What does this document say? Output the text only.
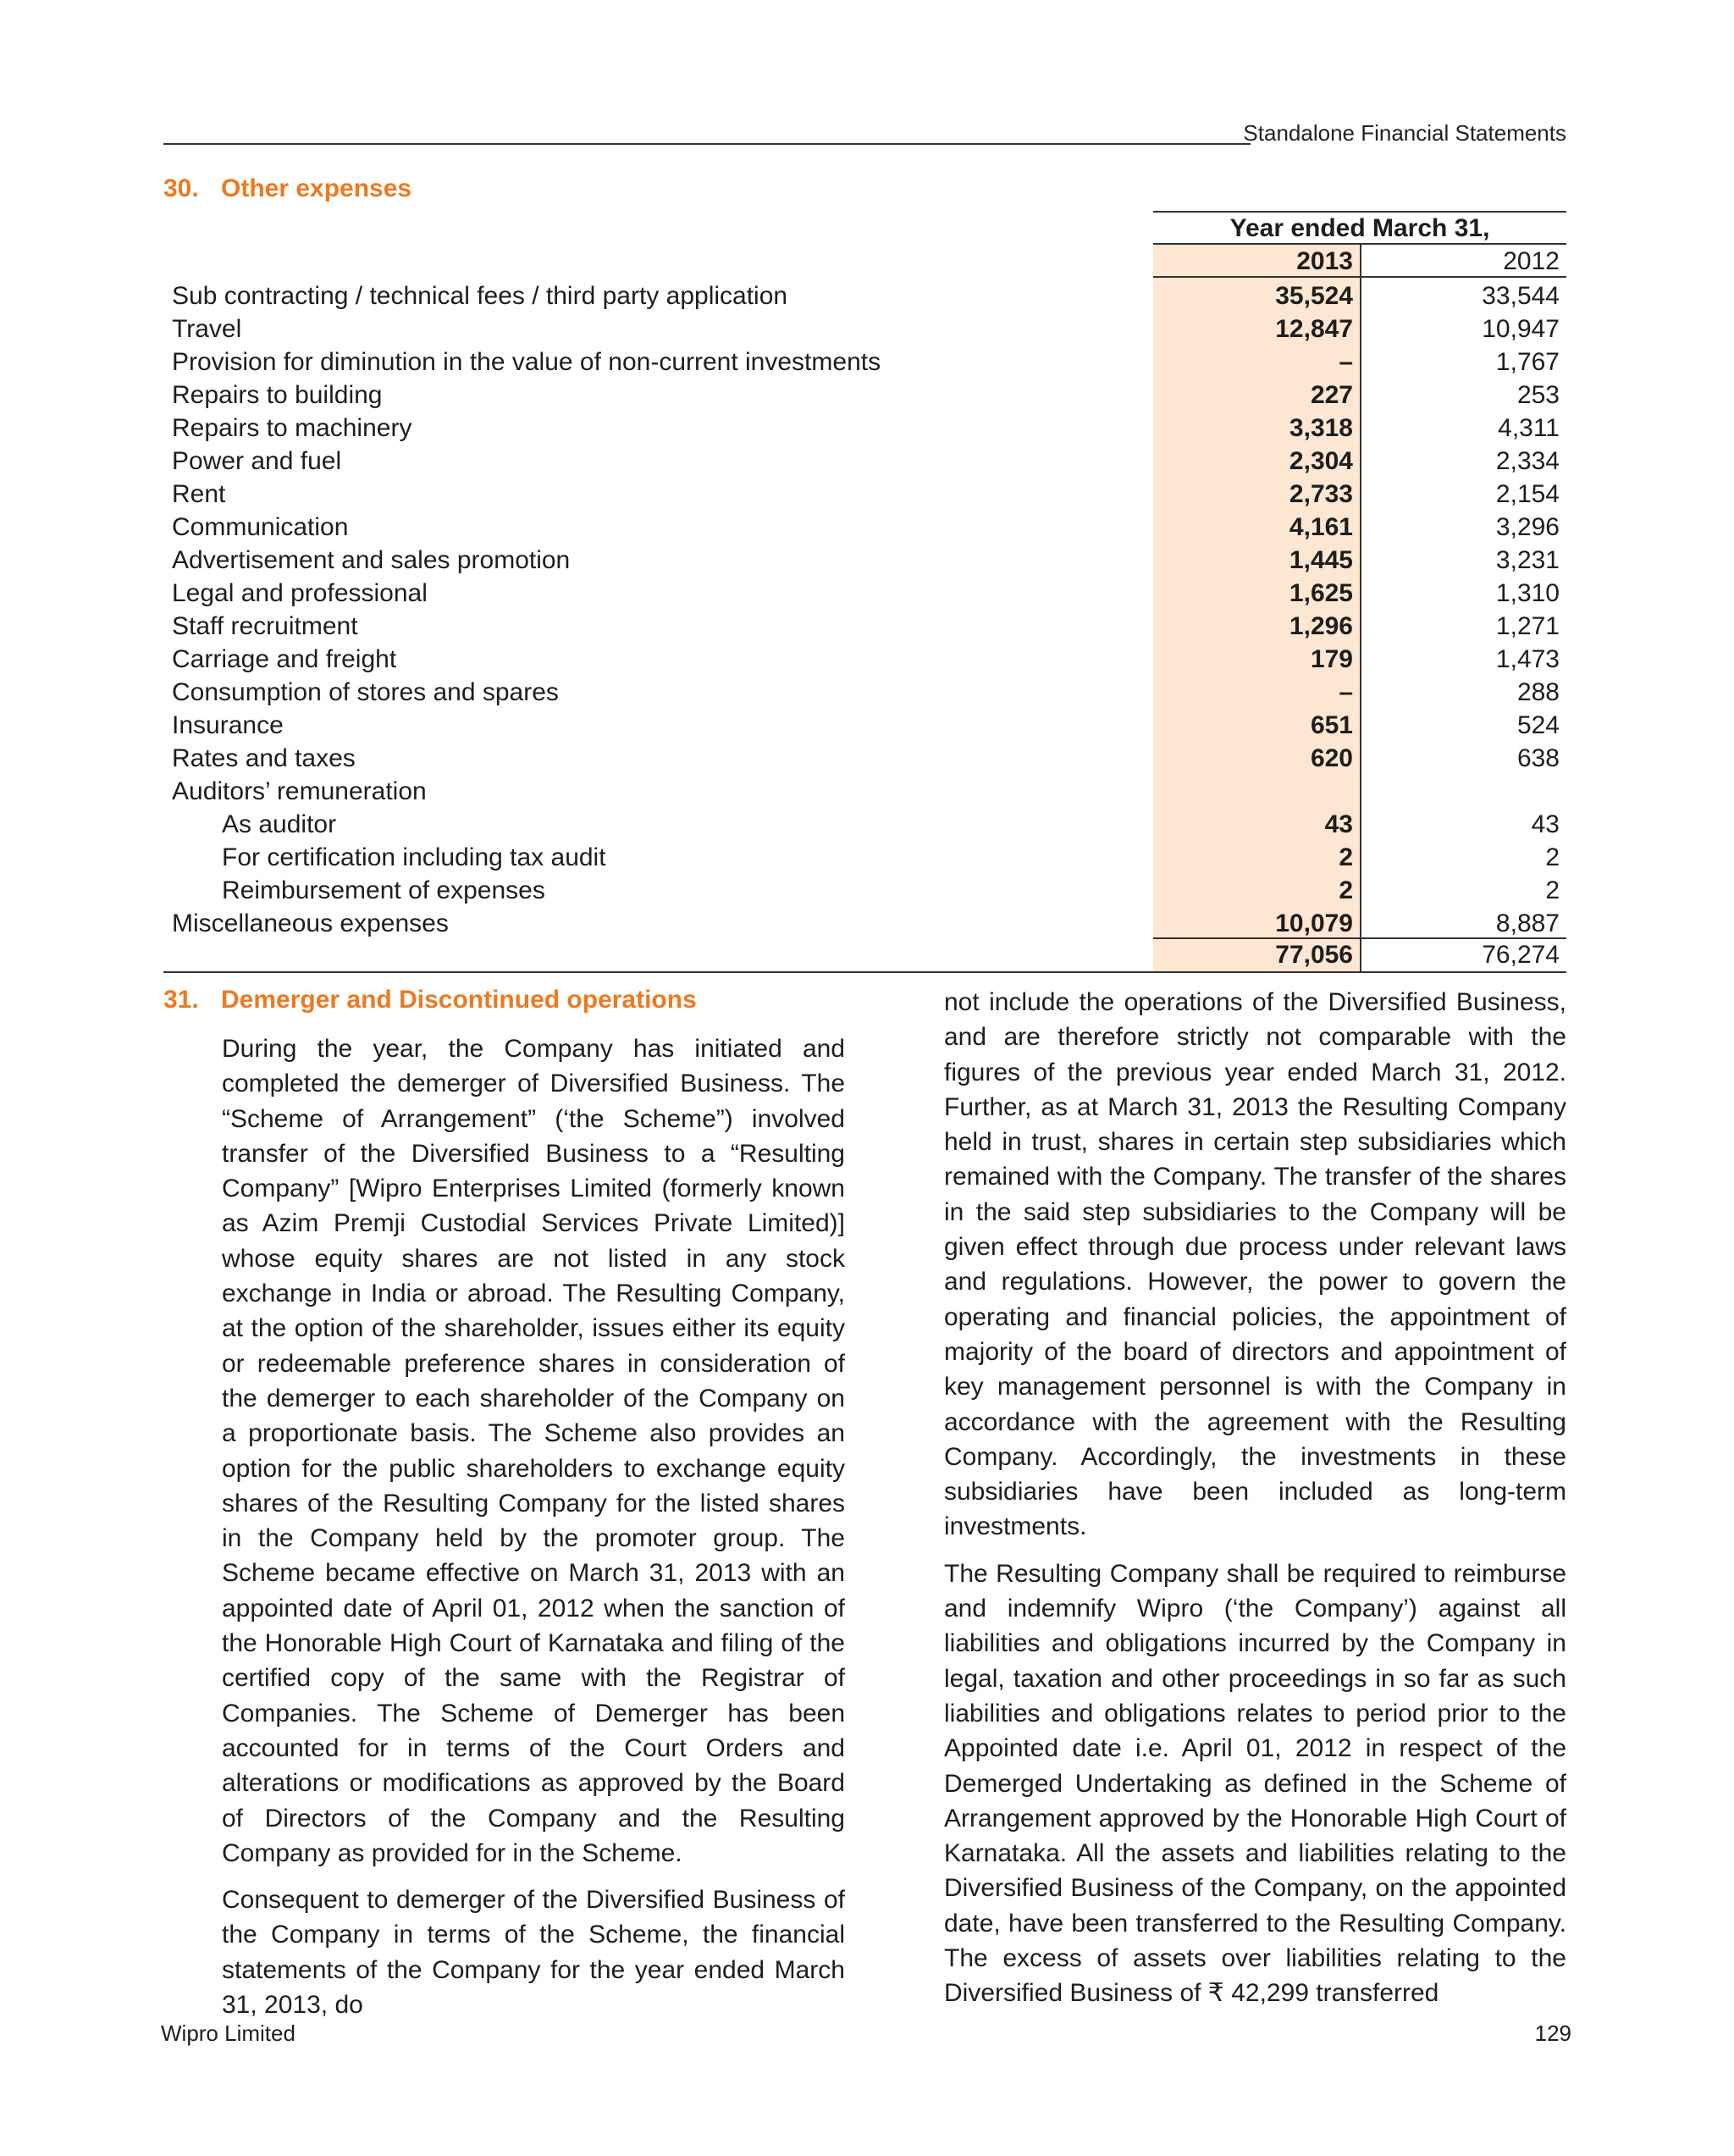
Standalone Financial Statements
30. Other expenses
Year ended March 31,
2013	2012
Sub contracting / technical fees / third party application	35,524	33,544
Travel	12,847	10,947
Provision for diminution in the value of non-current investments	–	1,767
Repairs to building	227	253
Repairs to machinery	3,318	4,311
Power and fuel	2,304	2,334
Rent	2,733	2,154
Communication	4,161	3,296
Advertisement and sales promotion	1,445	3,231
Legal and professional	1,625	1,310
Staff recruitment	1,296	1,271
Carriage and freight	179	1,473
Consumption of stores and spares	–	288
Insurance	651	524
Rates and taxes	620	638
Auditors’ remuneration
As auditor	43	43
For certification including tax audit	2	2
Reimbursement of expenses	2	2
Miscellaneous expenses	10,079	8,887
77,056	76,274
31. Demerger and Discontinued operations

During the year, the Company has initiated and completed the demerger of Diversified Business. The “Scheme of Arrangement” (‘the Scheme”) involved transfer of the Diversified Business to a “Resulting Company” [Wipro Enterprises Limited (formerly known as Azim Premji Custodial Services Private Limited)] whose equity shares are not listed in any stock exchange in India or abroad. The Resulting Company, at the option of the shareholder, issues either its equity or redeemable preference shares in consideration of the demerger to each shareholder of the Company on a proportionate basis. The Scheme also provides an option for the public shareholders to exchange equity shares of the Resulting Company for the listed shares in the Company held by the promoter group. The Scheme became effective on March 31, 2013 with an appointed date of April 01, 2012 when the sanction of the Honorable High Court of Karnataka and filing of the certified copy of the same with the Registrar of Companies. The Scheme of Demerger has been accounted for in terms of the Court Orders and alterations or modifications as approved by the Board of Directors of the Company and the Resulting Company as provided for in the Scheme.

Consequent to demerger of the Diversified Business of the Company in terms of the Scheme, the financial statements of the Company for the year ended March 31, 2013, do

not include the operations of the Diversified Business, and are therefore strictly not comparable with the figures of the previous year ended March 31, 2012. Further, as at March 31, 2013 the Resulting Company held in trust, shares in certain step subsidiaries which remained with the Company. The transfer of the shares in the said step subsidiaries to the Company will be given effect through due process under relevant laws and regulations. However, the power to govern the operating and financial policies, the appointment of majority of the board of directors and appointment of key management personnel is with the Company in accordance with the agreement with the Resulting Company. Accordingly, the investments in these subsidiaries have been included as long-term investments.

The Resulting Company shall be required to reimburse and indemnify Wipro (‘the Company’) against all liabilities and obligations incurred by the Company in legal, taxation and other proceedings in so far as such liabilities and obligations relates to period prior to the Appointed date i.e. April 01, 2012 in respect of the Demerged Undertaking as defined in the Scheme of Arrangement approved by the Honorable High Court of Karnataka. All the assets and liabilities relating to the Diversified Business of the Company, on the appointed date, have been transferred to the Resulting Company. The excess of assets over liabilities relating to the Diversified Business of ₹ 42,299 transferred

Wipro Limited	129
